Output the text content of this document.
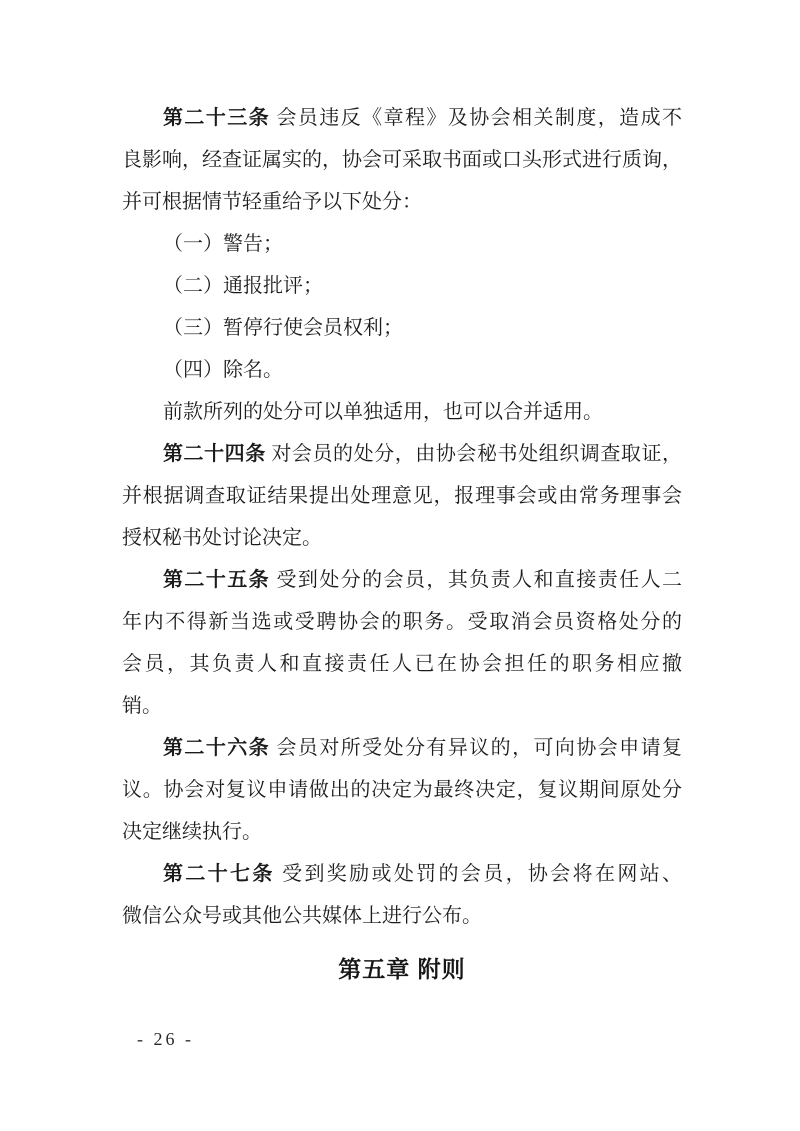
第二十三条 会员违反《章程》及协会相关制度，造成不
良影响，经查证属实的，协会可采取书面或口头形式进行质询，
并可根据情节轻重给予以下处分：
（一）警告；
（二）通报批评；
（三）暂停行使会员权利；
（四）除名。
前款所列的处分可以单独适用，也可以合并适用。
第二十四条 对会员的处分，由协会秘书处组织调查取证，
并根据调查取证结果提出处理意见，报理事会或由常务理事会
授权秘书处讨论决定。
第二十五条 受到处分的会员，其负责人和直接责任人二
年内不得新当选或受聘协会的职务。受取消会员资格处分的
会员，其负责人和直接责任人已在协会担任的职务相应撤
销。
第二十六条 会员对所受处分有异议的，可向协会申请复
议。协会对复议申请做出的决定为最终决定，复议期间原处分
决定继续执行。
第二十七条 受到奖励或处罚的会员，协会将在网站、
微信公众号或其他公共媒体上进行公布。
第五章 附则
- 26 -
